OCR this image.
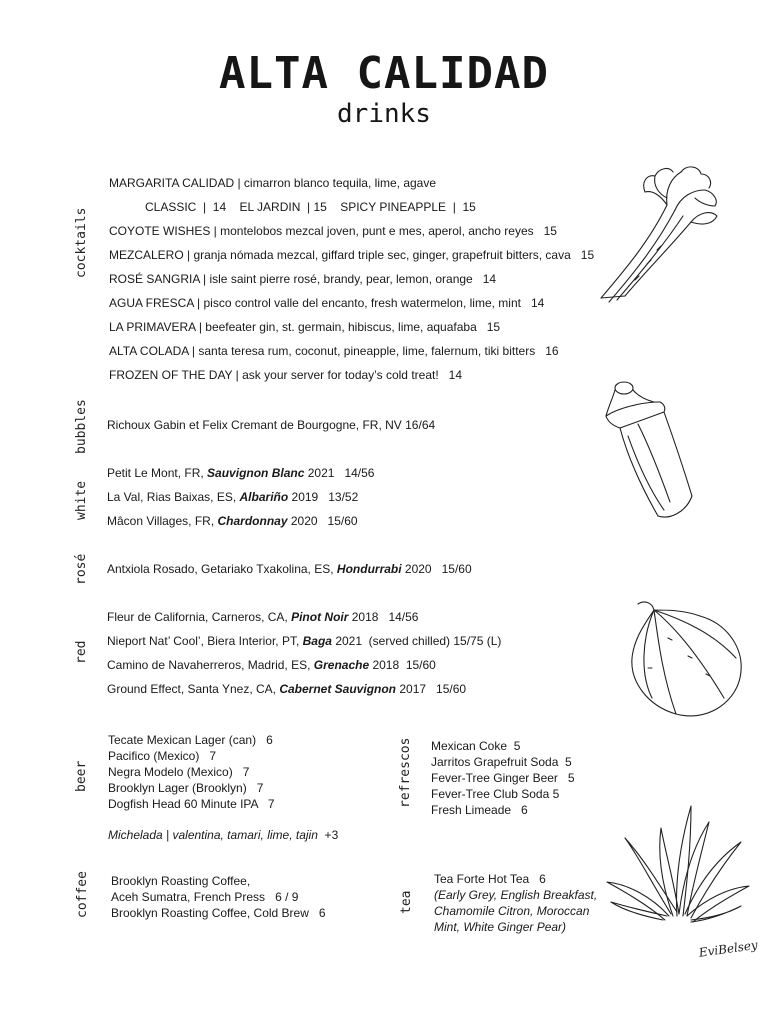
ALTA CALIDAD
drinks
cocktails
bubbles
white
rosé
red
beer	refrescos
coffee	tea
MARGARITA CALIDAD | cimarron blanco tequila, lime, agave
CLASSIC  |  14    EL JARDIN  | 15    SPICY PINEAPPLE  |  15
COYOTE WISHES | montelobos mezcal joven, punt e mes, aperol, ancho reyes   15
MEZCALERO | granja nómada mezcal, giffard triple sec, ginger, grapefruit bitters, cava   15
ROSÉ SANGRIA | isle saint pierre rosé, brandy, pear, lemon, orange   14
AGUA FRESCA | pisco control valle del encanto, fresh watermelon, lime, mint   14
LA PRIMAVERA | beefeater gin, st. germain, hibiscus, lime, aquafaba   15
ALTA COLADA | santa teresa rum, coconut, pineapple, lime, falernum, tiki bitters   16
FROZEN OF THE DAY | ask your server for today’s cold treat!   14
Richoux Gabin et Felix Cremant de Bourgogne, FR, NV 16/64
Petit Le Mont, FR, Sauvignon Blanc 2021   14/56
La Val, Rias Baixas, ES, Albariño 2019   13/52
Mâcon Villages, FR, Chardonnay 2020   15/60
Antxiola Rosado, Getariako Txakolina, ES, Hondurrabi 2020   15/60
Fleur de California, Carneros, CA, Pinot Noir 2018   14/56
Nieport Nat’ Cool’, Biera Interior, PT, Baga 2021  (served chilled) 15/75 (L)
Camino de Navaherreros, Madrid, ES, Grenache 2018  15/60
Ground Effect, Santa Ynez, CA, Cabernet Sauvignon 2017   15/60
Tecate Mexican Lager (can)   6
Pacifico (Mexico)   7
Negra Modelo (Mexico)   7
Brooklyn Lager (Brooklyn)   7
Dogfish Head 60 Minute IPA   7
Michelada | valentina, tamari, lime, tajin  +3
Mexican Coke  5
Jarritos Grapefruit Soda  5
Fever-Tree Ginger Beer   5
Fever-Tree Club Soda 5
Fresh Limeade   6
Brooklyn Roasting Coffee,
Aceh Sumatra, French Press   6 / 9
Brooklyn Roasting Coffee, Cold Brew   6
Tea Forte Hot Tea   6
(Early Grey, English Breakfast,
Chamomile Citron, Moroccan
Mint, White Ginger Pear)
EviBelsey
